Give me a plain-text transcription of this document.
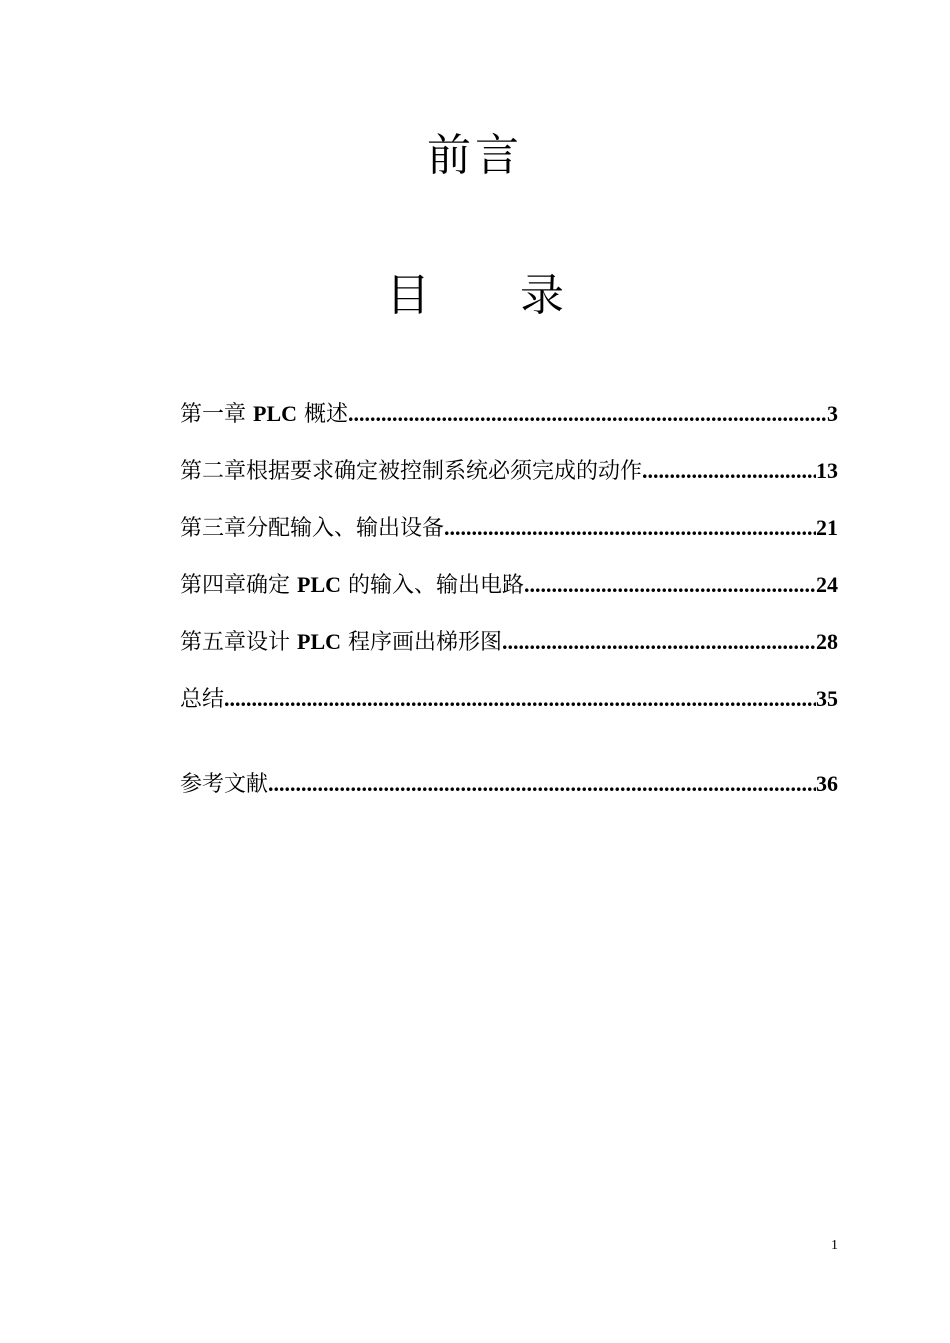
前言
目录
第一章 PLC 概述 .....	3
第二章根据要求确定被控制系统必须完成的动作 .....	13
第三章分配输入、输出设备 .....	21
第四章确定 PLC 的输入、输出电路 .....	24
第五章设计 PLC 程序画出梯形图 .....	28
总结 .....	35
参考文献 .....	36
1
